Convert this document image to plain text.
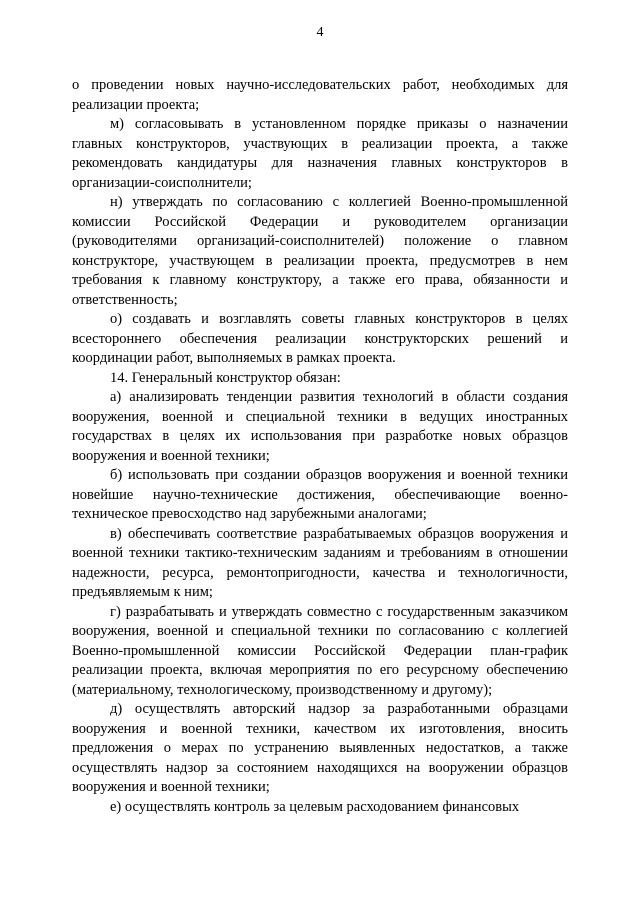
4

о проведении новых научно-исследовательских работ, необходимых для реализации проекта;

м) согласовывать в установленном порядке приказы о назначении главных конструкторов, участвующих в реализации проекта, а также рекомендовать кандидатуры для назначения главных конструкторов в организации-соисполнители;

н) утверждать по согласованию с коллегией Военно-промышленной комиссии Российской Федерации и руководителем организации (руководителями организаций-соисполнителей) положение о главном конструкторе, участвующем в реализации проекта, предусмотрев в нем требования к главному конструктору, а также его права, обязанности и ответственность;

о) создавать и возглавлять советы главных конструкторов в целях всестороннего обеспечения реализации конструкторских решений и координации работ, выполняемых в рамках проекта.

14. Генеральный конструктор обязан:

а) анализировать тенденции развития технологий в области создания вооружения, военной и специальной техники в ведущих иностранных государствах в целях их использования при разработке новых образцов вооружения и военной техники;

б) использовать при создании образцов вооружения и военной техники новейшие научно-технические достижения, обеспечивающие военно-техническое превосходство над зарубежными аналогами;

в) обеспечивать соответствие разрабатываемых образцов вооружения и военной техники тактико-техническим заданиям и требованиям в отношении надежности, ресурса, ремонтопригодности, качества и технологичности, предъявляемым к ним;

г) разрабатывать и утверждать совместно с государственным заказчиком вооружения, военной и специальной техники по согласованию с коллегией Военно-промышленной комиссии Российской Федерации план-график реализации проекта, включая мероприятия по его ресурсному обеспечению (материальному, технологическому, производственному и другому);

д) осуществлять авторский надзор за разработанными образцами вооружения и военной техники, качеством их изготовления, вносить предложения о мерах по устранению выявленных недостатков, а также осуществлять надзор за состоянием находящихся на вооружении образцов вооружения и военной техники;

е) осуществлять контроль за целевым расходованием финансовых
